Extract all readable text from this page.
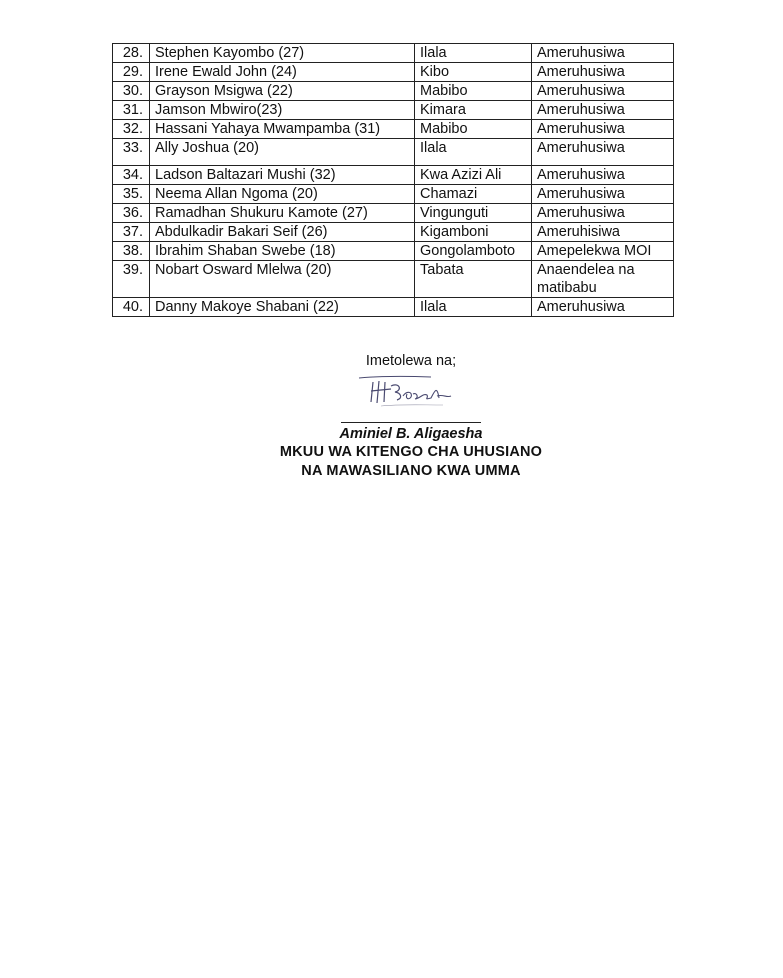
28.	Stephen Kayombo (27)	Ilala	Ameruhusiwa
29.	Irene Ewald John (24)	Kibo	Ameruhusiwa
30.	Grayson Msigwa (22)	Mabibo	Ameruhusiwa
31.	Jamson Mbwiro(23)	Kimara	Ameruhusiwa
32.	Hassani Yahaya Mwampamba (31)	Mabibo	Ameruhusiwa
33.	Ally Joshua (20)	Ilala	Ameruhusiwa
34.	Ladson Baltazari Mushi (32)	Kwa Azizi Ali	Ameruhusiwa
35.	Neema Allan Ngoma (20)	Chamazi	Ameruhusiwa
36.	Ramadhan Shukuru Kamote (27)	Vingunguti	Ameruhusiwa
37.	Abdulkadir Bakari Seif (26)	Kigamboni	Ameruhisiwa
38.	Ibrahim Shaban Swebe (18)	Gongolamboto	Amepelekwa MOI
39.	Nobart Osward Mlelwa (20)	Tabata	Anaendelea na matibabu
40.	Danny Makoye Shabani (22)	Ilala	Ameruhusiwa
Imetolewa na;
Aminiel B. Aligaesha
MKUU WA KITENGO CHA UHUSIANO
NA MAWASILIANO KWA UMMA
